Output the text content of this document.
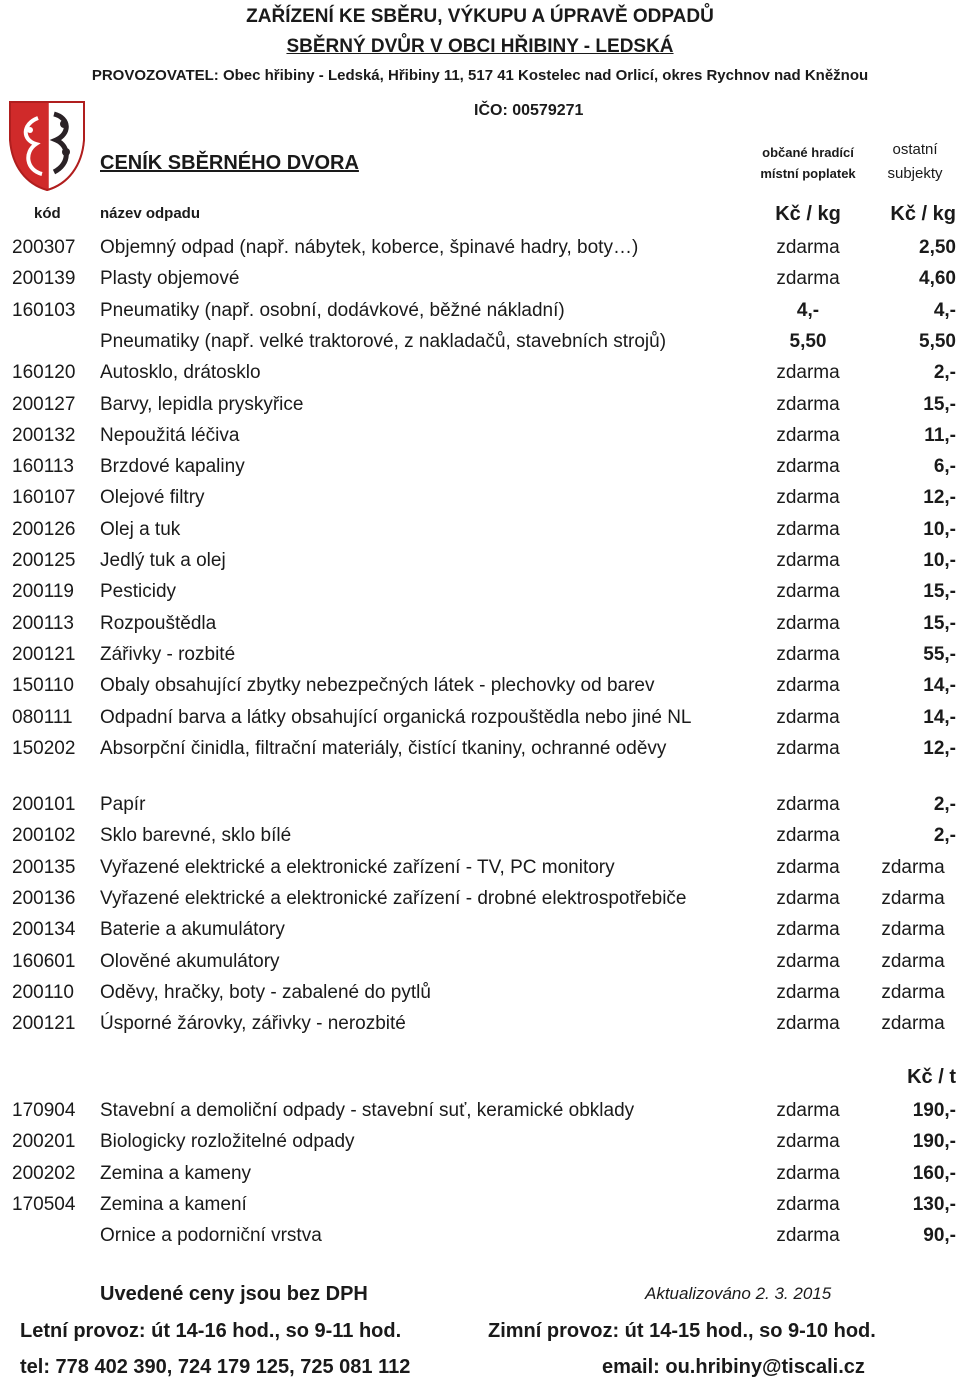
ZAŘÍZENÍ KE SBĚRU, VÝKUPU A ÚPRAVĚ ODPADŮ
SBĚRNÝ DVŮR V OBCI HŘIBINY - LEDSKÁ
PROVOZOVATEL: Obec hřibiny - Ledská, Hřibiny 11, 517 41 Kostelec nad Orlicí, okres Rychnov nad Kněžnou
IČO: 00579271
CENÍK SBĚRNÉHO DVORA	občané hradící místní poplatek
ostatní subjekty
kód	název odpadu	Kč / kg	Kč / kg
200307 Objemný odpad (např. nábytek, koberce, špinavé hadry, boty…)	zdarma	2,50
200139 Plasty objemové	zdarma	4,60
160103 Pneumatiky (např. osobní, dodávkové, běžné nákladní)	4,-	4,-
Pneumatiky (např. velké traktorové, z nakladačů, stavebních strojů)	5,50	5,50
160120 Autosklo, drátosklo	zdarma	2,-
200127 Barvy, lepidla pryskyřice	zdarma	15,-
200132 Nepoužitá léčiva	zdarma	11,-
160113 Brzdové kapaliny	zdarma	6,-
160107 Olejové filtry	zdarma	12,-
200126 Olej a tuk	zdarma	10,-
200125 Jedlý tuk a olej	zdarma	10,-
200119 Pesticidy	zdarma	15,-
200113 Rozpouštědla	zdarma	15,-
200121 Zářivky - rozbité	zdarma	55,-
150110 Obaly obsahující zbytky nebezpečných látek - plechovky od barev	zdarma	14,-
080111 Odpadní barva a látky obsahující organická rozpouštědla nebo jiné NL	zdarma	14,-
150202 Absorpční činidla, filtrační materiály, čistící tkaniny, ochranné oděvy	zdarma	12,-
200101 Papír	zdarma	2,-
200102 Sklo barevné, sklo bílé	zdarma	2,-
200135 Vyřazené elektrické a elektronické zařízení - TV, PC monitory	zdarma	zdarma
200136 Vyřazené elektrické a elektronické zařízení - drobné elektrospotřebiče	zdarma	zdarma
200134 Baterie a akumulátory	zdarma	zdarma
160601 Olověné akumulátory	zdarma	zdarma
200110 Oděvy, hračky, boty - zabalené do pytlů	zdarma	zdarma
200121 Úsporné žárovky, zářivky - nerozbité	zdarma	zdarma
Kč / t
170904 Stavební a demoliční odpady - stavební suť, keramické obklady	zdarma	190,-
200201 Biologicky rozložitelné odpady	zdarma	190,-
200202 Zemina a kameny	zdarma	160,-
170504 Zemina a kamení	zdarma	130,-
Ornice a podorniční vrstva	zdarma	90,-
Uvedené ceny jsou bez DPH	Aktualizováno 2. 3. 2015
Letní provoz: út 14-16 hod., so 9-11 hod.	Zimní provoz: út 14-15 hod., so 9-10 hod.
tel: 778 402 390, 724 179 125, 725 081 112	email: ou.hribiny@tiscali.cz
